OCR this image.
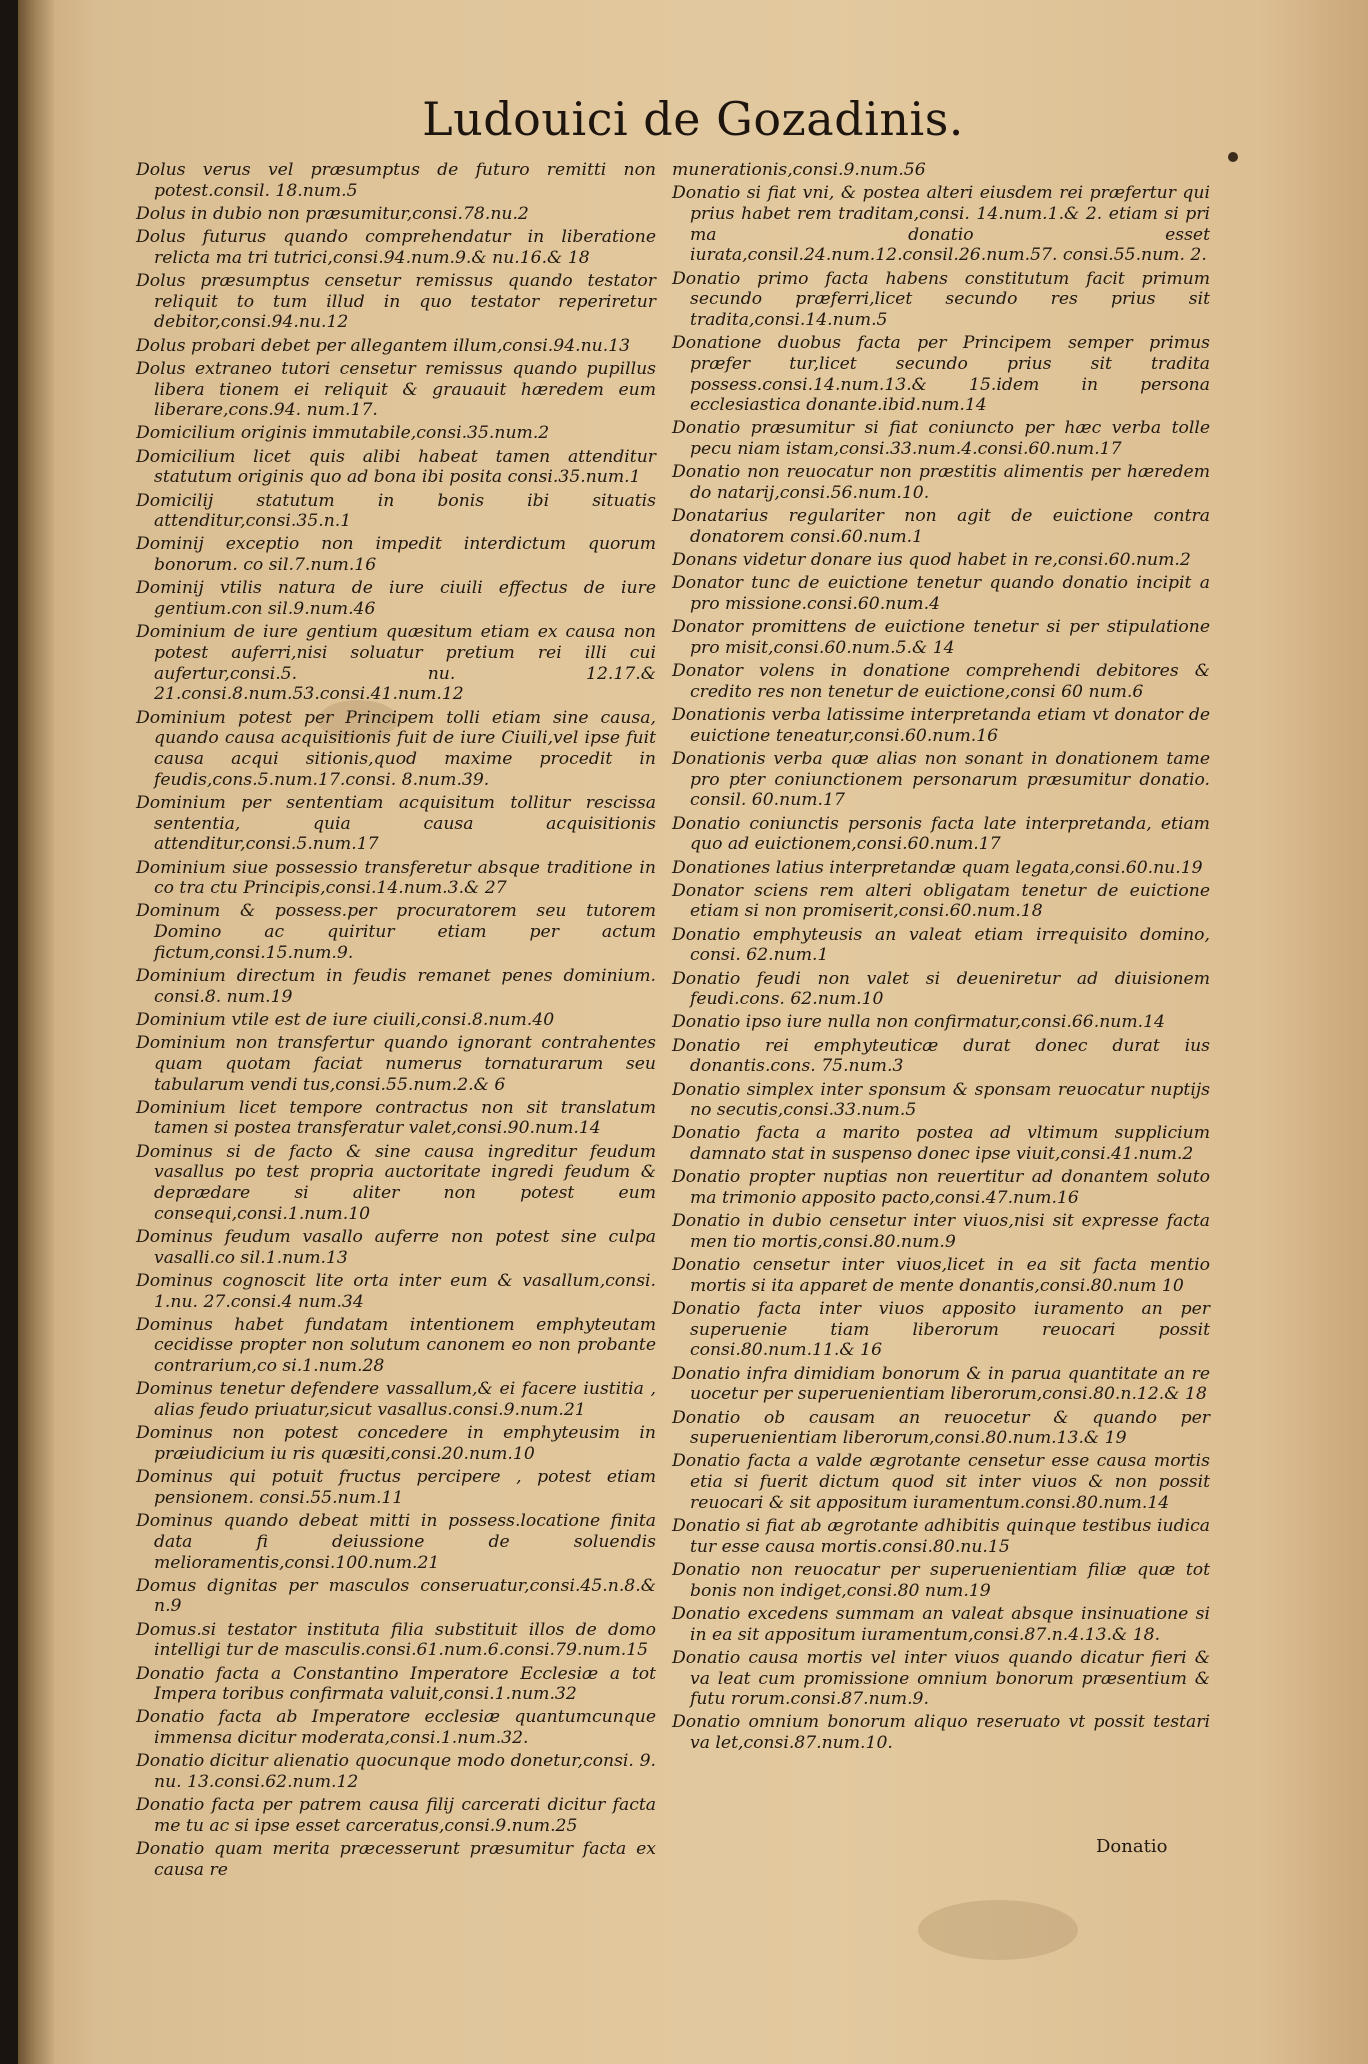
Ludouici de Gozadinis.

Dolus verus vel præsumptus de futuro remitti non potest.consil. 18.num.5

Dolus in dubio non præsumitur,consi.78.nu.2

Dolus futurus quando comprehendatur in liberatione relicta ma tri tutrici,consi.94.num.9.& nu.16.& 18

Dolus præsumptus censetur remissus quando testator reliquit to tum illud in quo testator reperiretur debitor,consi.94.nu.12

Dolus probari debet per allegantem illum,consi.94.nu.13

Dolus extraneo tutori censetur remissus quando pupillus libera tionem ei reliquit & grauauit hæredem eum liberare,cons.94. num.17.

Domicilium originis immutabile,consi.35.num.2

Domicilium licet quis alibi habeat tamen attenditur statutum originis quo ad bona ibi posita consi.35.num.1

Domicilij statutum in bonis ibi situatis attenditur,consi.35.n.1

Dominij exceptio non impedit interdictum quorum bonorum. co sil.7.num.16

Dominij vtilis natura de iure ciuili effectus de iure gentium.con sil.9.num.46

Dominium de iure gentium quæsitum etiam ex causa non potest auferri,nisi soluatur pretium rei illi cui aufertur,consi.5. nu. 12.17.& 21.consi.8.num.53.consi.41.num.12

Dominium potest per Principem tolli etiam sine causa, quando causa acquisitionis fuit de iure Ciuili,vel ipse fuit causa acqui sitionis,quod maxime procedit in feudis,cons.5.num.17.consi. 8.num.39.

Dominium per sententiam acquisitum tollitur rescissa sententia, quia causa acquisitionis attenditur,consi.5.num.17

Dominium siue possessio transferetur absque traditione in co tra ctu Principis,consi.14.num.3.& 27

Dominum & possess.per procuratorem seu tutorem Domino ac quiritur etiam per actum fictum,consi.15.num.9.

Dominium directum in feudis remanet penes dominium. consi.8. num.19

Dominium vtile est de iure ciuili,consi.8.num.40

Dominium non transfertur quando ignorant contrahentes quam quotam faciat numerus tornaturarum seu tabularum vendi tus,consi.55.num.2.& 6

Dominium licet tempore contractus non sit translatum tamen si postea transferatur valet,consi.90.num.14

Dominus si de facto & sine causa ingreditur feudum vasallus po test propria auctoritate ingredi feudum & deprædare si aliter non potest eum consequi,consi.1.num.10

Dominus feudum vasallo auferre non potest sine culpa vasalli.co sil.1.num.13

Dominus cognoscit lite orta inter eum & vasallum,consi. 1.nu. 27.consi.4 num.34

Dominus habet fundatam intentionem emphyteutam cecidisse propter non solutum canonem eo non probante contrarium,co si.1.num.28

Dominus tenetur defendere vassallum,& ei facere iustitia , alias feudo priuatur,sicut vasallus.consi.9.num.21

Dominus non potest concedere in emphyteusim in præiudicium iu ris quæsiti,consi.20.num.10

Dominus qui potuit fructus percipere , potest etiam pensionem. consi.55.num.11

Dominus quando debeat mitti in possess.locatione finita data fi deiussione de soluendis melioramentis,consi.100.num.21

Domus dignitas per masculos conseruatur,consi.45.n.8.& n.9

Domus.si testator instituta filia substituit illos de domo intelligi tur de masculis.consi.61.num.6.consi.79.num.15

Donatio facta a Constantino Imperatore Ecclesiæ a tot Impera toribus confirmata valuit,consi.1.num.32

Donatio facta ab Imperatore ecclesiæ quantumcunque immensa dicitur moderata,consi.1.num.32.

Donatio dicitur alienatio quocunque modo donetur,consi. 9. nu. 13.consi.62.num.12

Donatio facta per patrem causa filij carcerati dicitur facta me tu ac si ipse esset carceratus,consi.9.num.25

Donatio quam merita præcesserunt præsumitur facta ex causa re

munerationis,consi.9.num.56

Donatio si fiat vni, & postea alteri eiusdem rei præfertur qui prius habet rem traditam,consi. 14.num.1.& 2. etiam si pri ma donatio esset iurata,consil.24.num.12.consil.26.num.57. consi.55.num. 2.

Donatio primo facta habens constitutum facit primum secundo præferri,licet secundo res prius sit tradita,consi.14.num.5

Donatione duobus facta per Principem semper primus præfer tur,licet secundo prius sit tradita possess.consi.14.num.13.& 15.idem in persona ecclesiastica donante.ibid.num.14

Donatio præsumitur si fiat coniuncto per hæc verba tolle pecu niam istam,consi.33.num.4.consi.60.num.17

Donatio non reuocatur non præstitis alimentis per hæredem do natarij,consi.56.num.10.

Donatarius regulariter non agit de euictione contra donatorem consi.60.num.1

Donans videtur donare ius quod habet in re,consi.60.num.2

Donator tunc de euictione tenetur quando donatio incipit a pro missione.consi.60.num.4

Donator promittens de euictione tenetur si per stipulatione pro misit,consi.60.num.5.& 14

Donator volens in donatione comprehendi debitores & credito res non tenetur de euictione,consi 60 num.6

Donationis verba latissime interpretanda etiam vt donator de euictione teneatur,consi.60.num.16

Donationis verba quæ alias non sonant in donationem tame pro pter coniunctionem personarum præsumitur donatio. consil. 60.num.17

Donatio coniunctis personis facta late interpretanda, etiam quo ad euictionem,consi.60.num.17

Donationes latius interpretandæ quam legata,consi.60.nu.19

Donator sciens rem alteri obligatam tenetur de euictione etiam si non promiserit,consi.60.num.18

Donatio emphyteusis an valeat etiam irrequisito domino, consi. 62.num.1

Donatio feudi non valet si deueniretur ad diuisionem feudi.cons. 62.num.10

Donatio ipso iure nulla non confirmatur,consi.66.num.14

Donatio rei emphyteuticæ durat donec durat ius donantis.cons. 75.num.3

Donatio simplex inter sponsum & sponsam reuocatur nuptijs no secutis,consi.33.num.5

Donatio facta a marito postea ad vltimum supplicium damnato stat in suspenso donec ipse viuit,consi.41.num.2

Donatio propter nuptias non reuertitur ad donantem soluto ma trimonio apposito pacto,consi.47.num.16

Donatio in dubio censetur inter viuos,nisi sit expresse facta men tio mortis,consi.80.num.9

Donatio censetur inter viuos,licet in ea sit facta mentio mortis si ita apparet de mente donantis,consi.80.num 10

Donatio facta inter viuos apposito iuramento an per superuenie tiam liberorum reuocari possit consi.80.num.11.& 16

Donatio infra dimidiam bonorum & in parua quantitate an re uocetur per superuenientiam liberorum,consi.80.n.12.& 18

Donatio ob causam an reuocetur & quando per superuenientiam liberorum,consi.80.num.13.& 19

Donatio facta a valde ægrotante censetur esse causa mortis etia si fuerit dictum quod sit inter viuos & non possit reuocari & sit appositum iuramentum.consi.80.num.14

Donatio si fiat ab ægrotante adhibitis quinque testibus iudica tur esse causa mortis.consi.80.nu.15

Donatio non reuocatur per superuenientiam filiæ quæ tot bonis non indiget,consi.80 num.19

Donatio excedens summam an valeat absque insinuatione si in ea sit appositum iuramentum,consi.87.n.4.13.& 18.

Donatio causa mortis vel inter viuos quando dicatur fieri & va leat cum promissione omnium bonorum præsentium & futu rorum.consi.87.num.9.

Donatio omnium bonorum aliquo reseruato vt possit testari va let,consi.87.num.10.

Donatio
